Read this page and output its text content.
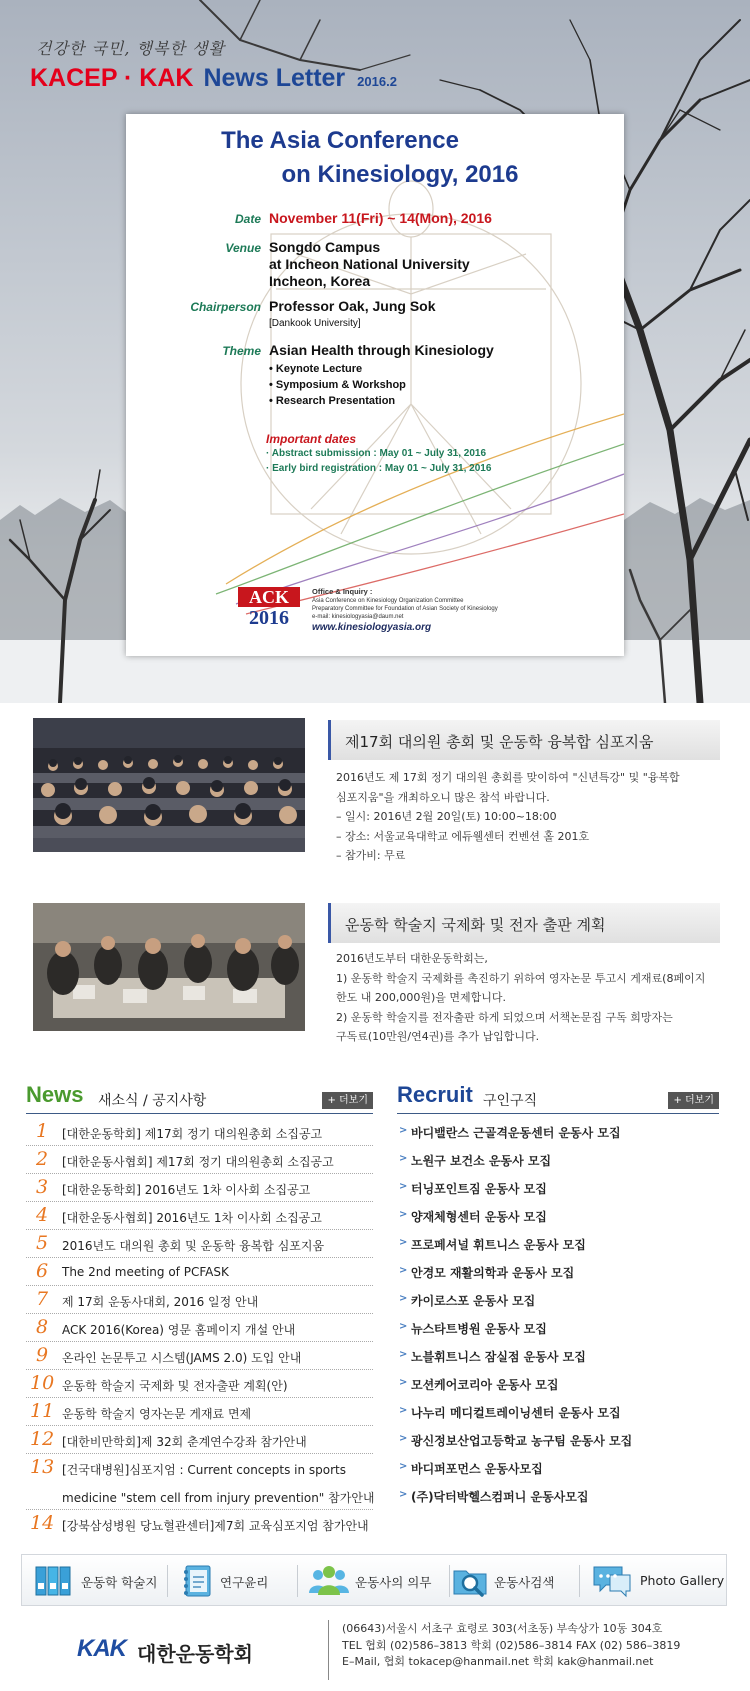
건강한 국민, 행복한 생활
KACEP · KAK News Letter 2016.2
The Asia Conference
on Kinesiology, 2016
Date November 11(Fri) ~ 14(Mon), 2016
Venue Songdo Campus
at Incheon National University
Incheon, Korea
Chairperson Professor Oak, Jung Sok
[Dankook University]
Theme Asian Health through Kinesiology
• Keynote Lecture
• Symposium & Workshop
• Research Presentation
Important dates
· Abstract submission : May 01 ~ July 31, 2016
· Early bird registration : May 01 ~ July 31, 2016
ACK
2016
Office & Inquiry :
Asia Conference on Kinesiology Organization Committee
Preparatory Committee for Foundation of Asian Society of Kinesiology
e-mail: kinesiologyasia@daum.net
www.kinesiologyasia.org
제17회 대의원 총회 및 운동학 융복합 심포지움
2016년도 제 17회 정기 대의원 총회를 맞이하여 "신년특강" 및 "융복합
심포지움"을 개최하오니 많은 참석 바랍니다.
– 일시: 2016년 2월 20일(토) 10:00~18:00
– 장소: 서울교육대학교 에듀웰센터 컨벤션 홀 201호
– 참가비: 무료
운동학 학술지 국제화 및 전자 출판 계획
2016년도부터 대한운동학회는,
1) 운동학 학술지 국제화를 촉진하기 위하여 영자논문 투고시 게재료(8페이지
한도 내 200,000원)을 면제합니다.
2) 운동학 학술지를 전자출판 하게 되었으며 서책논문집 구독 희망자는
구독료(10만원/연4권)를 추가 납입합니다.
News 새소식 / 공지사항	+ 더보기
1 [대한운동학회] 제17회 정기 대의원총회 소집공고
2 [대한운동사협회] 제17회 정기 대의원총회 소집공고
3 [대한운동학회] 2016년도 1차 이사회 소집공고
4 [대한운동사협회] 2016년도 1차 이사회 소집공고
5 2016년도 대의원 총회 및 운동학 융복합 심포지움
6 The 2nd meeting of PCFASK
7 제 17회 운동사대회, 2016 일정 안내
8 ACK 2016(Korea) 영문 홈페이지 개설 안내
9 온라인 논문투고 시스템(JAMS 2.0) 도입 안내
10 운동학 학술지 국제화 및 전자출판 계획(안)
11 운동학 학술지 영자논문 게재료 면제
12 [대한비만학회]제 32회 춘계연수강좌 참가안내
13 [건국대병원]심포지엄 : Current concepts in sports
medicine "stem cell from injury prevention" 참가안내
14 [강북삼성병원 당뇨혈관센터]제7회 교육심포지엄 참가안내
Recruit 구인구직	+ 더보기
> 바디밸란스 근골격운동센터 운동사 모집
> 노원구 보건소 운동사 모집
> 터닝포인트짐 운동사 모집
> 양재체형센터 운동사 모집
> 프로페셔널 휘트니스 운동사 모집
> 안경모 재활의학과 운동사 모집
> 카이로스포 운동사 모집
> 뉴스타트병원 운동사 모집
> 노블휘트니스 잠실점 운동사 모집
> 모션케어코리아 운동사 모집
> 나누리 메디컬트레이닝센터 운동사 모집
> 광신정보산업고등학교 농구팀 운동사 모집
> 바디퍼포먼스 운동사모집
> (주)닥터박헬스컴퍼니 운동사모집
운동학 학술지	연구윤리	운동사의 의무	운동사검색	Photo Gallery
KAK 대한운동학회
(06643)서울시 서초구 효령로 303(서초동) 부속상가 10동 304호
TEL 협회 (02)586–3813 학회 (02)586–3814 FAX (02) 586–3819
E–Mail, 협회 tokacep@hanmail.net 학회 kak@hanmail.net
